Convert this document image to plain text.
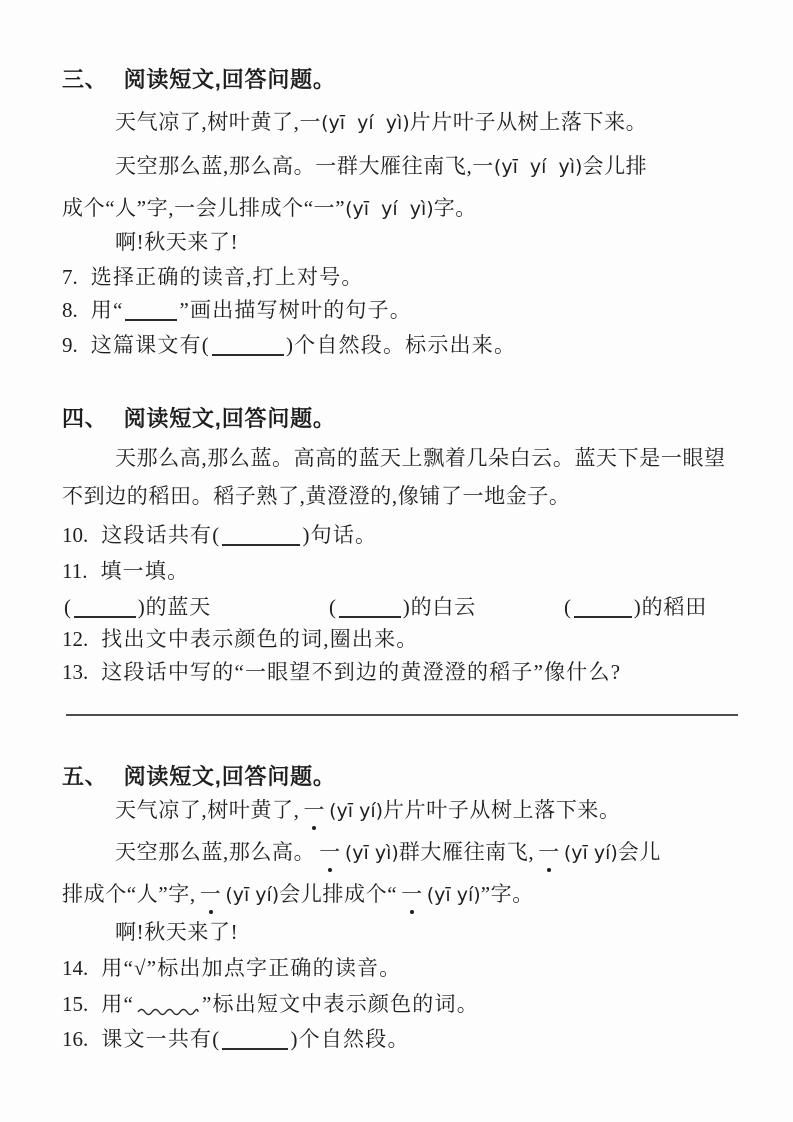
三、 阅读短文,回答问题。
天气凉了,树叶黄了,一(yī  yí  yì)片片叶子从树上落下来。
天空那么蓝,那么高。一群大雁往南飞,一(yī  yí  yì)会儿排
成个“人”字,一会儿排成个“一”(yī  yí  yì)字。
啊!秋天来了!
7. 选择正确的读音,打上对号。
8. 用“	”画出描写树叶的句子。
9. 这篇课文有(	)个自然段。标示出来。
四、 阅读短文,回答问题。
天那么高,那么蓝。高高的蓝天上飘着几朵白云。蓝天下是一眼望
不到边的稻田。稻子熟了,黄澄澄的,像铺了一地金子。
10. 这段话共有(	)句话。
11. 填一填。
(	)的蓝天	(	)的白云	(	)的稻田
12. 找出文中表示颜色的词,圈出来。
13. 这段话中写的“一眼望不到边的黄澄澄的稻子”像什么?
五、 阅读短文,回答问题。
天气凉了,树叶黄了, 一 (yī yí)片片叶子从树上落下来。
天空那么蓝,那么高。 一 (yī yì)群大雁往南飞, 一 (yī yí)会儿
排成个“人”字, 一 (yī yí)会儿排成个“ 一 (yī yí)”字。
啊!秋天来了!
14. 用“√”标出加点字正确的读音。
15. 用“	”标出短文中表示颜色的词。
16. 课文一共有(	)个自然段。
